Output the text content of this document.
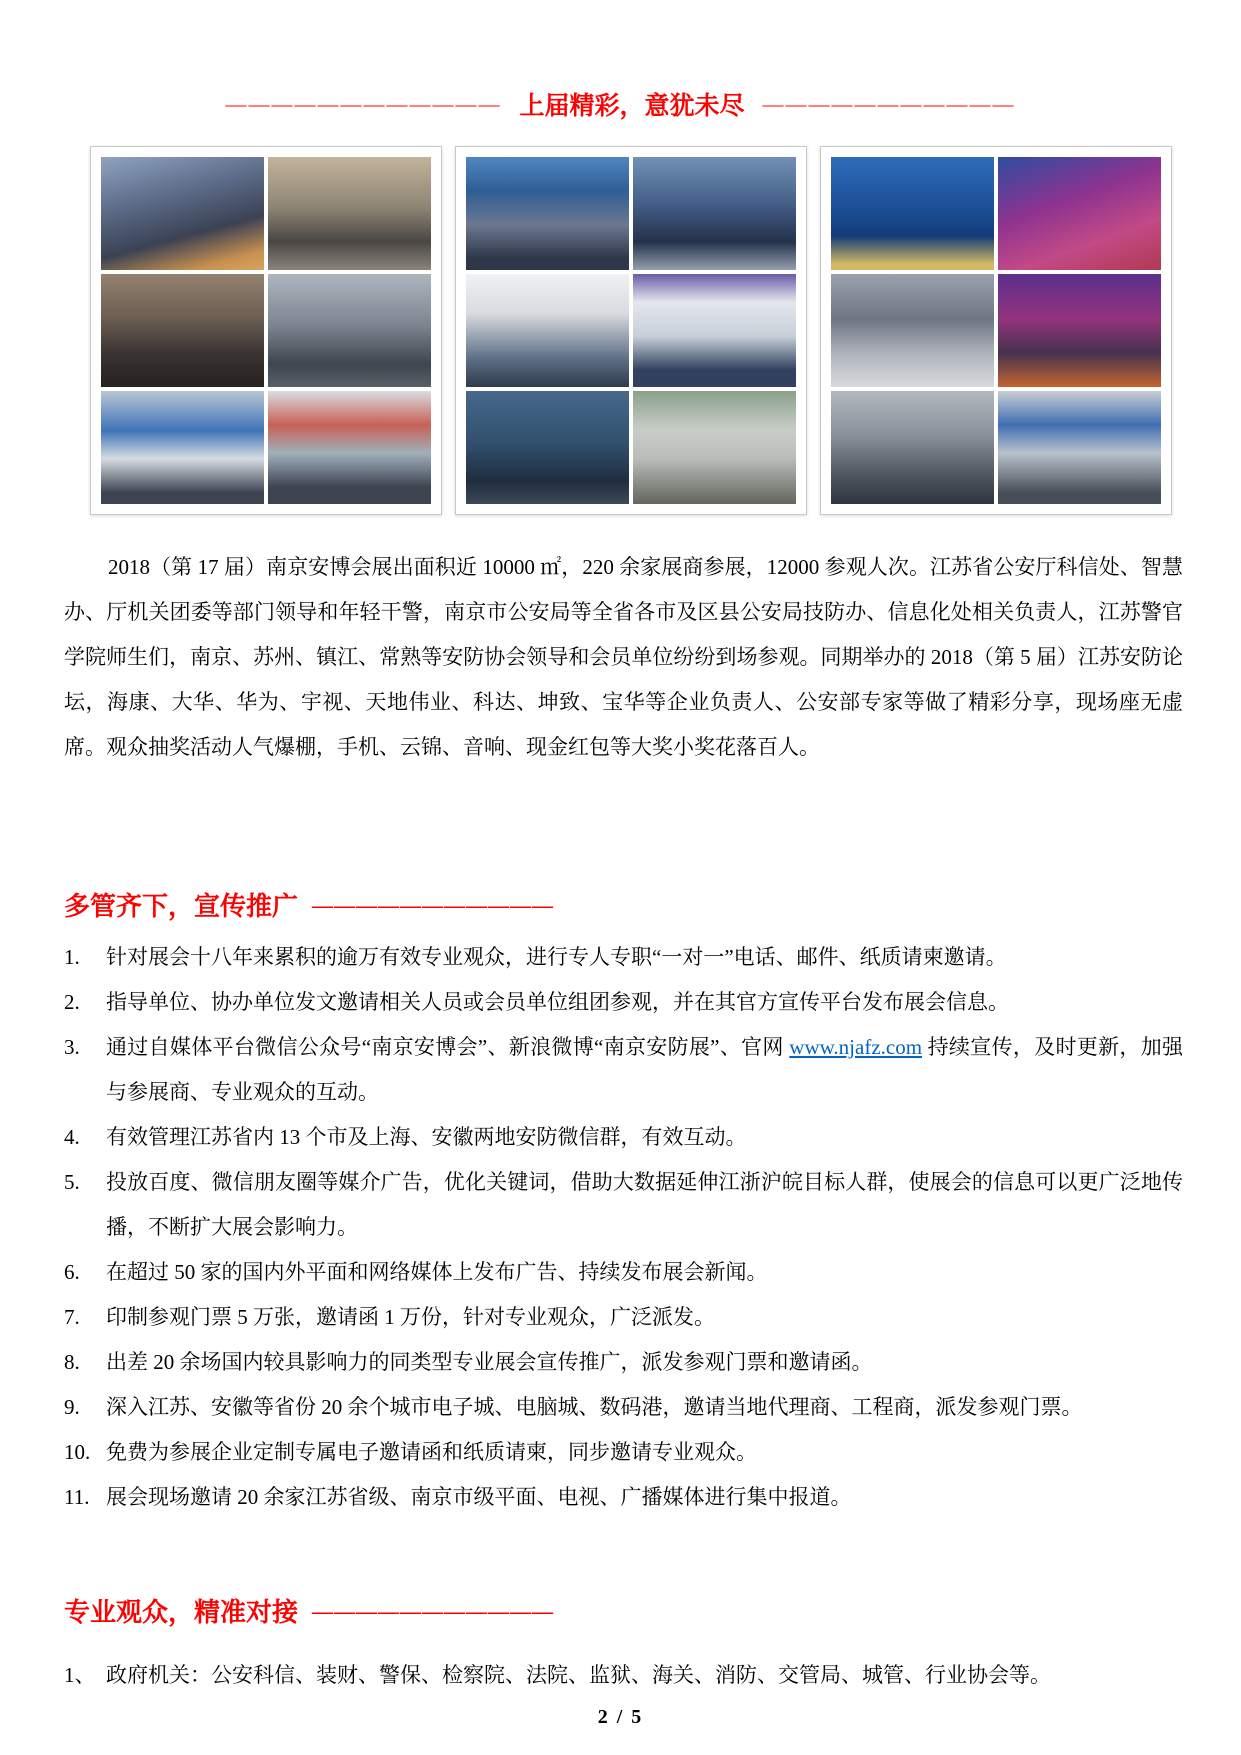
———————————— 上届精彩，意犹未尽 ———————————

2018（第 17 届）南京安博会展出面积近 10000 ㎡，220 余家展商参展，12000 参观人次。江苏省公安厅科信处、智慧办、厅机关团委等部门领导和年轻干警，南京市公安局等全省各市及区县公安局技防办、信息化处相关负责人，江苏警官学院师生们，南京、苏州、镇江、常熟等安防协会领导和会员单位纷纷到场参观。同期举办的 2018（第 5 届）江苏安防论坛，海康、大华、华为、宇视、天地伟业、科达、坤致、宝华等企业负责人、公安部专家等做了精彩分享，现场座无虚席。观众抽奖活动人气爆棚，手机、云锦、音响、现金红包等大奖小奖花落百人。

多管齐下，宣传推广 ———————————
1. 针对展会十八年来累积的逾万有效专业观众，进行专人专职“一对一”电话、邮件、纸质请柬邀请。
2. 指导单位、协办单位发文邀请相关人员或会员单位组团参观，并在其官方宣传平台发布展会信息。
3. 通过自媒体平台微信公众号“南京安博会”、新浪微博“南京安防展”、官网 www.njafz.com 持续宣传，及时更新，加强与参展商、专业观众的互动。
4. 有效管理江苏省内 13 个市及上海、安徽两地安防微信群，有效互动。
5. 投放百度、微信朋友圈等媒介广告，优化关键词，借助大数据延伸江浙沪皖目标人群，使展会的信息可以更广泛地传播，不断扩大展会影响力。
6. 在超过 50 家的国内外平面和网络媒体上发布广告、持续发布展会新闻。
7. 印制参观门票 5 万张，邀请函 1 万份，针对专业观众，广泛派发。
8. 出差 20 余场国内较具影响力的同类型专业展会宣传推广，派发参观门票和邀请函。
9. 深入江苏、安徽等省份 20 余个城市电子城、电脑城、数码港，邀请当地代理商、工程商，派发参观门票。
10. 免费为参展企业定制专属电子邀请函和纸质请柬，同步邀请专业观众。
11. 展会现场邀请 20 余家江苏省级、南京市级平面、电视、广播媒体进行集中报道。
专业观众，精准对接 ———————————
1、 政府机关：公安科信、装财、警保、检察院、法院、监狱、海关、消防、交管局、城管、行业协会等。
2 / 5
